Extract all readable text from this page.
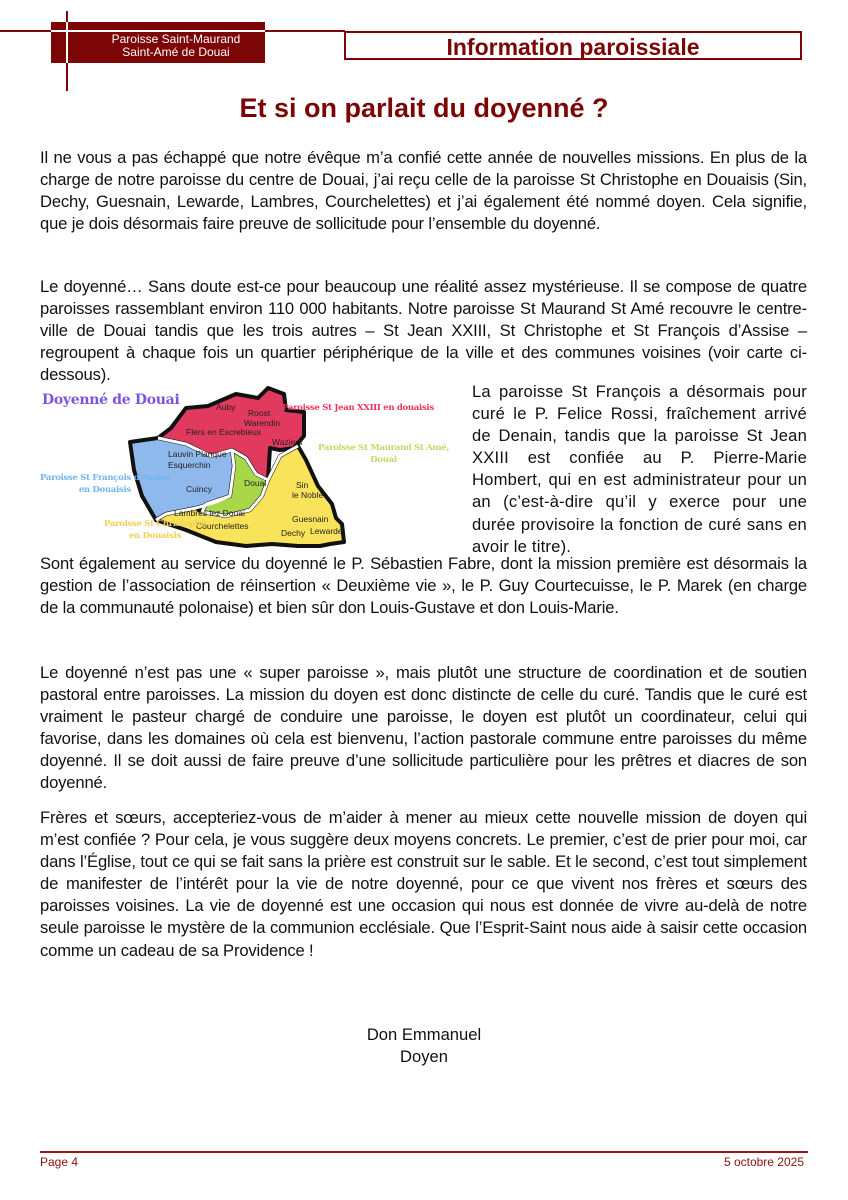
Paroisse Saint-Maurand
Saint-Amé de Douai	Information paroissiale
Et si on parlait du doyenné ?

Il ne vous a pas échappé que notre évêque m’a confié cette année de nouvelles missions. En plus de la charge de notre paroisse du centre de Douai, j’ai reçu celle de la paroisse St Christophe en Douaisis (Sin, Dechy, Guesnain, Lewarde, Lambres, Courchelettes) et j’ai également été nommé doyen. Cela signifie, que je dois désormais faire preuve de sollicitude pour l’ensemble du doyenné.

Le doyenné… Sans doute est-ce pour beaucoup une réalité assez mystérieuse. Il se compose de quatre paroisses rassemblant environ 110 000 habitants. Notre paroisse St Maurand St Amé recouvre le centre-ville de Douai tandis que les trois autres – St Jean XXIII, St Christophe et St François d’Assise – regroupent à chaque fois un quartier périphérique de la ville et des communes voisines (voir carte ci-dessous).

Auby
Roost
Warendin
Flers en Escrebieux
Waziers
Lauvin Planque
Esquerchin
Cuincy
Douai	Sin
le Noble
Lambres lez Douai
Courchelettes
Guesnain
Dechy Lewarde
Doyenné de Douai	Paroisse St Jean XXIII en douaisis
Paroisse St Maurand St Amé,
Douai
Paroisse St François d’Assise
en Douaisis
Paroisse St Christophe
en Douaisis

La paroisse St François a désormais pour curé le P. Felice Rossi, fraîchement arrivé de Denain, tandis que la paroisse St Jean XXIII est confiée au P. Pierre-Marie Hombert, qui en est administrateur pour un an (c’est-à-dire qu’il y exerce pour une durée provisoire la fonction de curé sans en avoir le titre).

Sont également au service du doyenné le P. Sébastien Fabre, dont la mission première est désormais la gestion de l’association de réinsertion « Deuxième vie », le P. Guy Courtecuisse, le P. Marek (en charge de la communauté polonaise) et bien sûr don Louis-Gustave et don Louis-Marie.

Le doyenné n’est pas une « super paroisse », mais plutôt une structure de coordination et de soutien pastoral entre paroisses. La mission du doyen est donc distincte de celle du curé. Tandis que le curé est vraiment le pasteur chargé de conduire une paroisse, le doyen est plutôt un coordinateur, celui qui favorise, dans les domaines où cela est bienvenu, l’action pastorale commune entre paroisses du même doyenné. Il se doit aussi de faire preuve d’une sollicitude particulière pour les prêtres et diacres de son doyenné.

Frères et sœurs, accepteriez-vous de m’aider à mener au mieux cette nouvelle mission de doyen qui m’est confiée ? Pour cela, je vous suggère deux moyens concrets. Le premier, c’est de prier pour moi, car dans l’Église, tout ce qui se fait sans la prière est construit sur le sable. Et le second, c’est tout simplement de manifester de l’intérêt pour la vie de notre doyenné, pour ce que vivent nos frères et sœurs des paroisses voisines. La vie de doyenné est une occasion qui nous est donnée de vivre au-delà de notre seule paroisse le mystère de la communion ecclésiale. Que l’Esprit-Saint nous aide à saisir cette occasion comme un cadeau de sa Providence !

Don Emmanuel
Doyen
Page 4	5 octobre 2025
